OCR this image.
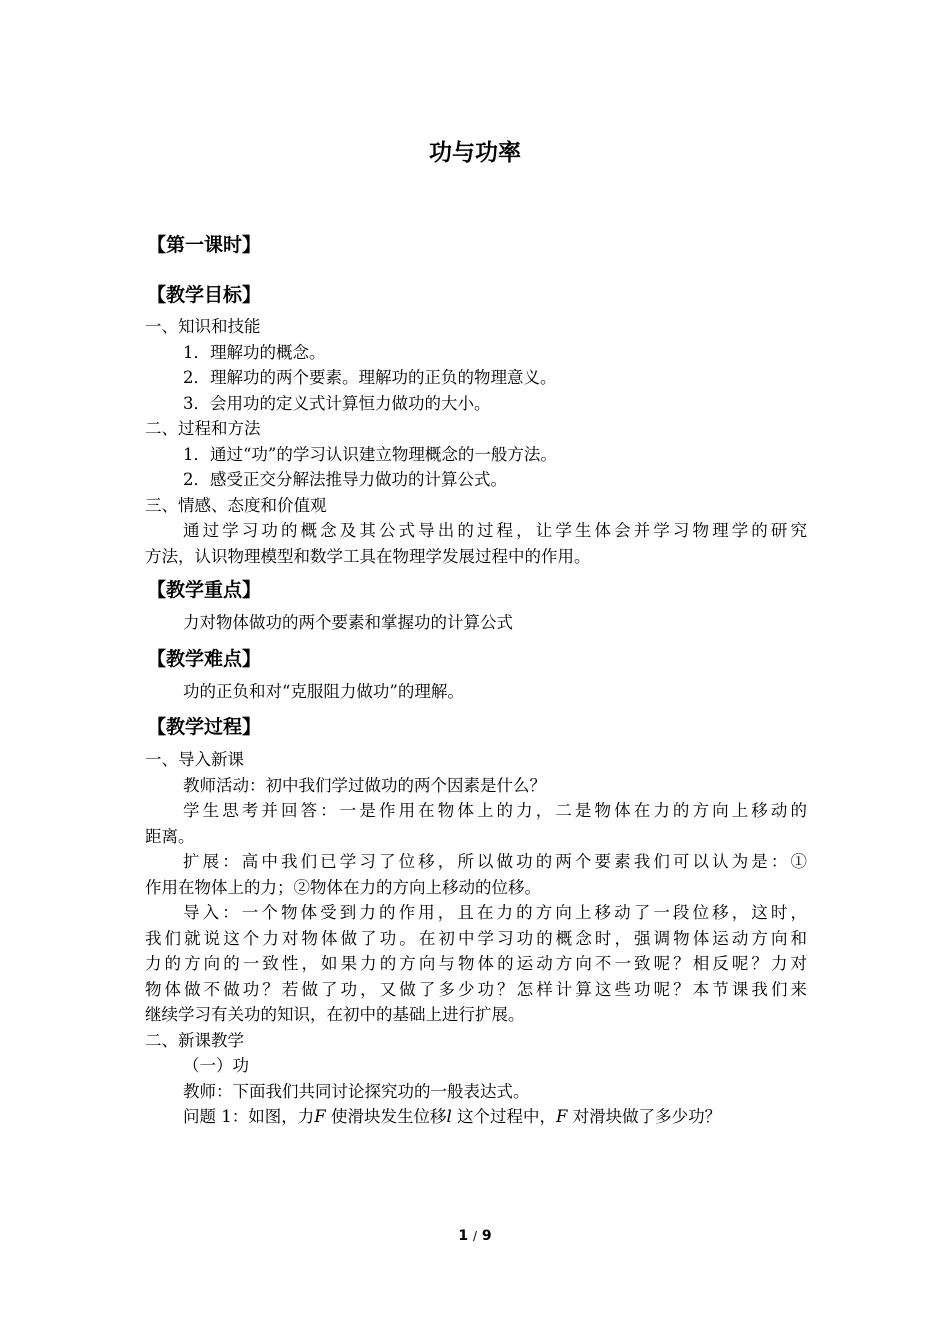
功与功率
【第一课时】
【教学目标】
一、知识和技能
1．理解功的概念。
2．理解功的两个要素。理解功的正负的物理意义。
3．会用功的定义式计算恒力做功的大小。
二、过程和方法
1．通过“功”的学习认识建立物理概念的一般方法。
2．感受正交分解法推导力做功的计算公式。
三、情感、态度和价值观
通过学习功的概念及其公式导出的过程，让学生体会并学习物理学的研究
方法，认识物理模型和数学工具在物理学发展过程中的作用。
【教学重点】
力对物体做功的两个要素和掌握功的计算公式
【教学难点】
功的正负和对“克服阻力做功”的理解。
【教学过程】
一、导入新课
教师活动：初中我们学过做功的两个因素是什么？
学生思考并回答：一是作用在物体上的力，二是物体在力的方向上移动的
距离。
扩展：高中我们已学习了位移，所以做功的两个要素我们可以认为是：①
作用在物体上的力；②物体在力的方向上移动的位移。
导入：一个物体受到力的作用，且在力的方向上移动了一段位移，这时，
我们就说这个力对物体做了功。在初中学习功的概念时，强调物体运动方向和
力的方向的一致性，如果力的方向与物体的运动方向不一致呢？相反呢？力对
物体做不做功？若做了功，又做了多少功？怎样计算这些功呢？本节课我们来
继续学习有关功的知识，在初中的基础上进行扩展。
二、新课教学
（一）功
教师：下面我们共同讨论探究功的一般表达式。
问题 1：如图，力F 使滑块发生位移l 这个过程中，F 对滑块做了多少功？
1 / 9
